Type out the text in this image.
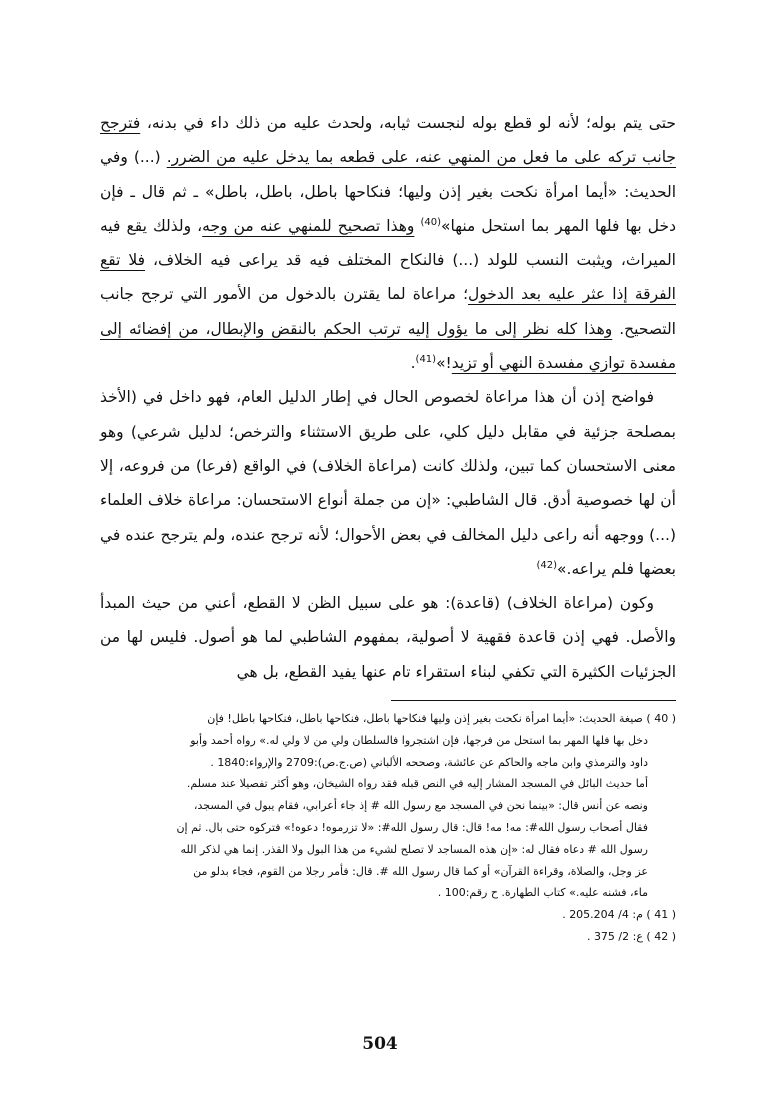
حتى يتم بوله؛ لأنه لو قطع بوله لنجست ثيابه، ولحدث عليه من ذلك داء في بدنه، فترجح جانب تركه على ما فعل من المنهي عنه، على قطعه بما يدخل عليه من الضرر. (...) وفي الحديث: «أيما امرأة نكحت بغير إذن وليها؛ فنكاحها باطل، باطل، باطل» ـ ثم قال ـ فإن دخل بها فلها المهر بما استحل منها»$^{(40)}$ وهذا تصحيح للمنهي عنه من وجه، ولذلك يقع فيه الميراث، ويثبت النسب للولد (...) فالنكاح المختلف فيه قد يراعى فيه الخلاف، فلا تقع الفرقة إذا عثر عليه بعد الدخول؛ مراعاة لما يقترن بالدخول من الأمور التي ترجح جانب التصحيح. وهذا كله نظر إلى ما يؤول إليه ترتب الحكم بالنقض والإبطال، من إفضائه إلى مفسدة توازي مفسدة النهي أو تزيد!»$^{(41)}$.

فواضح إذن أن هذا مراعاة لخصوص الحال في إطار الدليل العام، فهو داخل في (الأخذ بمصلحة جزئية في مقابل دليل كلي، على طريق الاستثناء والترخص؛ لدليل شرعي) وهو معنى الاستحسان كما تبين، ولذلك كانت (مراعاة الخلاف) في الواقع (فرعا) من فروعه، إلا أن لها خصوصية أدق. قال الشاطبي: «إن من جملة أنواع الاستحسان: مراعاة خلاف العلماء (...) ووجهه أنه راعى دليل المخالف في بعض الأحوال؛ لأنه ترجح عنده، ولم يترجح عنده في بعضها فلم يراعه.»$^{(42)}$

وكون (مراعاة الخلاف) (قاعدة): هو على سبيل الظن لا القطع، أعني من حيث المبدأ والأصل. فهي إذن قاعدة فقهية لا أصولية، بمفهوم الشاطبي لما هو أصول. فليس لها من الجزئيات الكثيرة التي تكفي لبناء استقراء تام عنها يفيد القطع، بل هي

( 40 ) صيغة الحديث: «أيما امرأة نكحت بغير إذن وليها فنكاحها باطل، فنكاحها باطل، فنكاحها باطل! فإن

دخل بها فلها المهر بما استحل من فرجها، فإن اشتجروا فالسلطان ولي من لا ولي له.» رواه أحمد وأبو

داود والترمذي وابن ماجه والحاكم عن عائشة، وصححه الألباني (ص.ج.ص):2709 والإرواء:1840 .

أما حديث البائل في المسجد المشار إليه في النص قبله فقد رواه الشيخان، وهو أكثر تفصيلا عند مسلم.

ونصه عن أنس قال: «بينما نحن في المسجد مع رسول الله # إذ جاء أعرابي، فقام يبول في المسجد،

فقال أصحاب رسول الله#: مه! مه! قال: قال رسول الله#: «لا تزرموه! دعوه!» فتركوه حتى بال. ثم إن

رسول الله # دعاه فقال له: «إن هذه المساجد لا تصلح لشيء من هذا البول ولا القذر. إنما هي لذكر الله

عز وجل، والصلاة، وقراءة القرآن» أو كما قال رسول الله #. قال: فأمر رجلا من القوم، فجاء بدلو من

ماء، فشنه عليه.» كتاب الطهارة. ح رقم:100 .

( 41 ) م: 4/ 205.204 .

( 42 ) ع: 2/ 375 .

504
